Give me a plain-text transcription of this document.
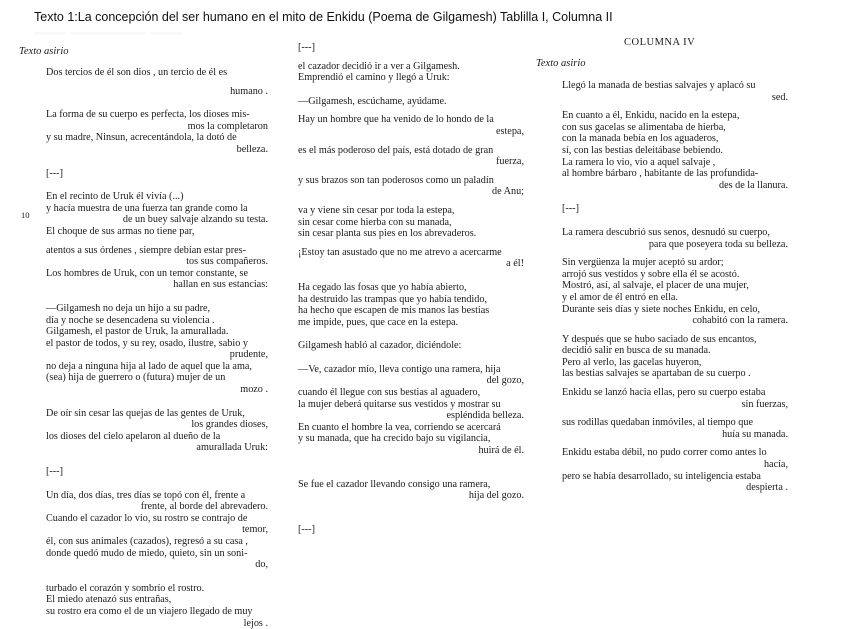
Texto 1:La concepción del ser humano en el mito de Enkidu (Poema de Gilgamesh) Tablilla I, Columna II
——— ——————— ———
Texto asirio
Texto asirio
COLUMNA IV
10
Dos tercios de él son dios , un tercio de él es
humano .
La forma de su cuerpo es perfecta, los dioses mis-
mos la completaron
y su madre, Ninsun, acrecentándola, la dotó de
belleza.
[---]
En el recinto de Uruk él vivía (...)
y hacía muestra de una fuerza tan grande como la
de un buey salvaje alzando su testa.
El choque de sus armas no tiene par,
atentos a sus órdenes , siempre debían estar pres-
tos sus compañeros.
Los hombres de Uruk, con un temor constante, se
hallan en sus estancias:
—Gilgamesh no deja un hijo a su padre,
día y noche se desencadena su violencia .
Gilgamesh, el pastor de Uruk, la amurallada.
el pastor de todos, y su rey, osado, ilustre, sabio y
prudente,
no deja a ninguna hija al lado de aquel que la ama,
(sea) hija de guerrero o (futura) mujer de un
mozo .
De oír sin cesar las quejas de las gentes de Uruk,
los grandes dioses,
los dioses del cielo apelaron al dueño de la
amurallada Uruk:
[---]
Un día, dos días, tres días se topó con él, frente a
frente, al borde del abrevadero.
Cuando el cazador lo vio, su rostro se contrajo de
temor,
él, con sus animales (cazados), regresó a su casa ,
donde quedó mudo de miedo, quieto, sin un soni-
do,
turbado el corazón y sombrío el rostro.
El miedo atenazó sus entrañas,
su rostro era como el de un viajero llegado de muy
lejos .
[---]
el cazador decidió ir a ver a Gilgamesh.
Emprendió el camino y llegó a Uruk:
—Gilgamesh, escúchame, ayúdame.
Hay un hombre que ha venido de lo hondo de la
estepa,
es el más poderoso del país, está dotado de gran
fuerza,
y sus brazos son tan poderosos como un paladín
de Anu;
va y viene sin cesar por toda la estepa,
sin cesar come hierba con su manada,
sin cesar planta sus pies en los abrevaderos.
¡Estoy tan asustado que no me atrevo a acercarme
a él!
Ha cegado las fosas que yo había abierto,
ha destruido las trampas que yo había tendido,
ha hecho que escapen de mis manos las bestias
me impide, pues, que cace en la estepa.
Gilgamesh habló al cazador, diciéndole:
—Ve, cazador mío, lleva contigo una ramera, hija
del gozo,
cuando él llegue con sus bestias al aguadero,
la mujer deberá quitarse sus vestidos y mostrar su
espléndida belleza.
En cuanto el hombre la vea, corriendo se acercará
y su manada, que ha crecido bajo su vigilancia,
huirá de él.
Se fue el cazador llevando consigo una ramera,
hija del gozo.
[---]
Llegó la manada de bestias salvajes y aplacó su
sed.
En cuanto a él, Enkidu, nacido en la estepa,
con sus gacelas se alimentaba de hierba,
con la manada bebía en los aguaderos,
sí, con las bestias deleitábase bebiendo.
La ramera lo vio, vio a aquel salvaje ,
al hombre bárbaro , habitante de las profundida-
des de la llanura.
[---]
La ramera descubrió sus senos, desnudó su cuerpo,
para que poseyera toda su belleza.
Sin vergüenza la mujer aceptó su ardor;
arrojó sus vestidos y sobre ella él se acostó.
Mostró, así, al salvaje, el placer de una mujer,
y el amor de él entró en ella.
Durante seis días y siete noches Enkidu, en celo,
cohabitó con la ramera.
Y después que se hubo saciado de sus encantos,
decidió salir en busca de su manada.
Pero al verlo, las gacelas huyeron,
las bestias salvajes se apartaban de su cuerpo .
Enkidu se lanzó hacia ellas, pero su cuerpo estaba
sin fuerzas,
sus rodillas quedaban inmóviles, al tiempo que
huía su manada.
Enkidu estaba débil, no pudo correr como antes lo
hacía,
pero se había desarrollado, su inteligencia estaba
despierta .
